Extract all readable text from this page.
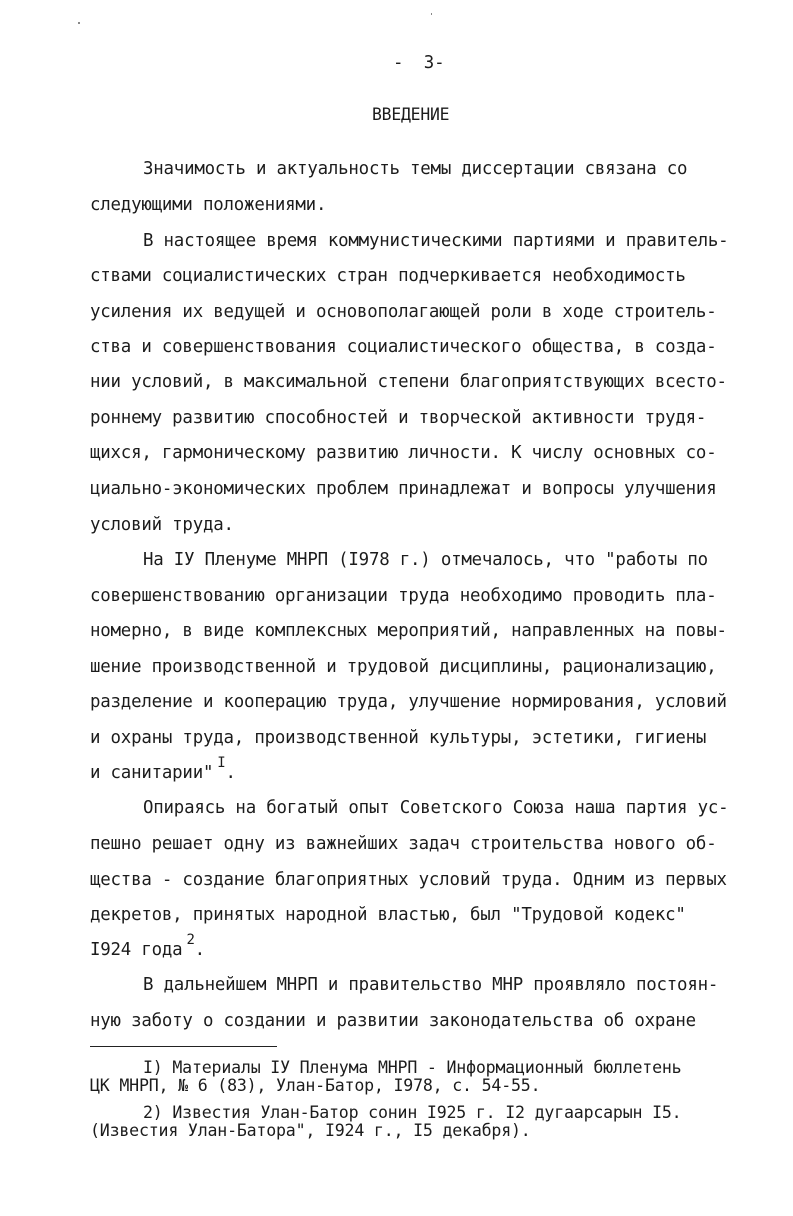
-  3-
ВВЕДЕНИЕ
Значимость и актуальность темы диссертации связана со
следующими положениями.
В настоящее время коммунистическими партиями и правитель-
ствами социалистических стран подчеркивается необходимость
усиления их ведущей и основополагающей роли в ходе строитель-
ства и совершенствования социалистического общества, в созда-
нии условий, в максимальной степени благоприятствующих всесто-
роннему развитию способностей и творческой активности трудя-
щихся, гармоническому развитию личности. К числу основных со-
циально-экономических проблем принадлежат и вопросы улучшения
условий труда.
На IУ Пленуме МНРП (I978 г.) отмечалось, что "работы по
совершенствованию организации труда необходимо проводить пла-
номерно, в виде комплексных мероприятий, направленных на повы-
шение производственной и трудовой дисциплины, рационализацию,
разделение и кооперацию труда, улучшение нормирования, условий
и охраны труда, производственной культуры, эстетики, гигиены
и санитарии" $^I$.
Опираясь на богатый опыт Советского Союза наша партия ус-
пешно решает одну из важнейших задач строительства нового об-
щества - создание благоприятных условий труда. Одним из первых
декретов, принятых народной властью, был "Трудовой кодекс"
I924 года $^2$.
В дальнейшем МНРП и правительство МНР проявляло постоян-
ную заботу о создании и развитии законодательства об охране
I) Материалы IУ Пленума МНРП - Информационный бюллетень
ЦК МНРП, № 6 (83), Улан-Батор, I978, с. 54-55.
2) Известия Улан-Батор сонин I925 г. I2 дугаарсарын I5.
(Известия Улан-Батора", I924 г., I5 декабря).
